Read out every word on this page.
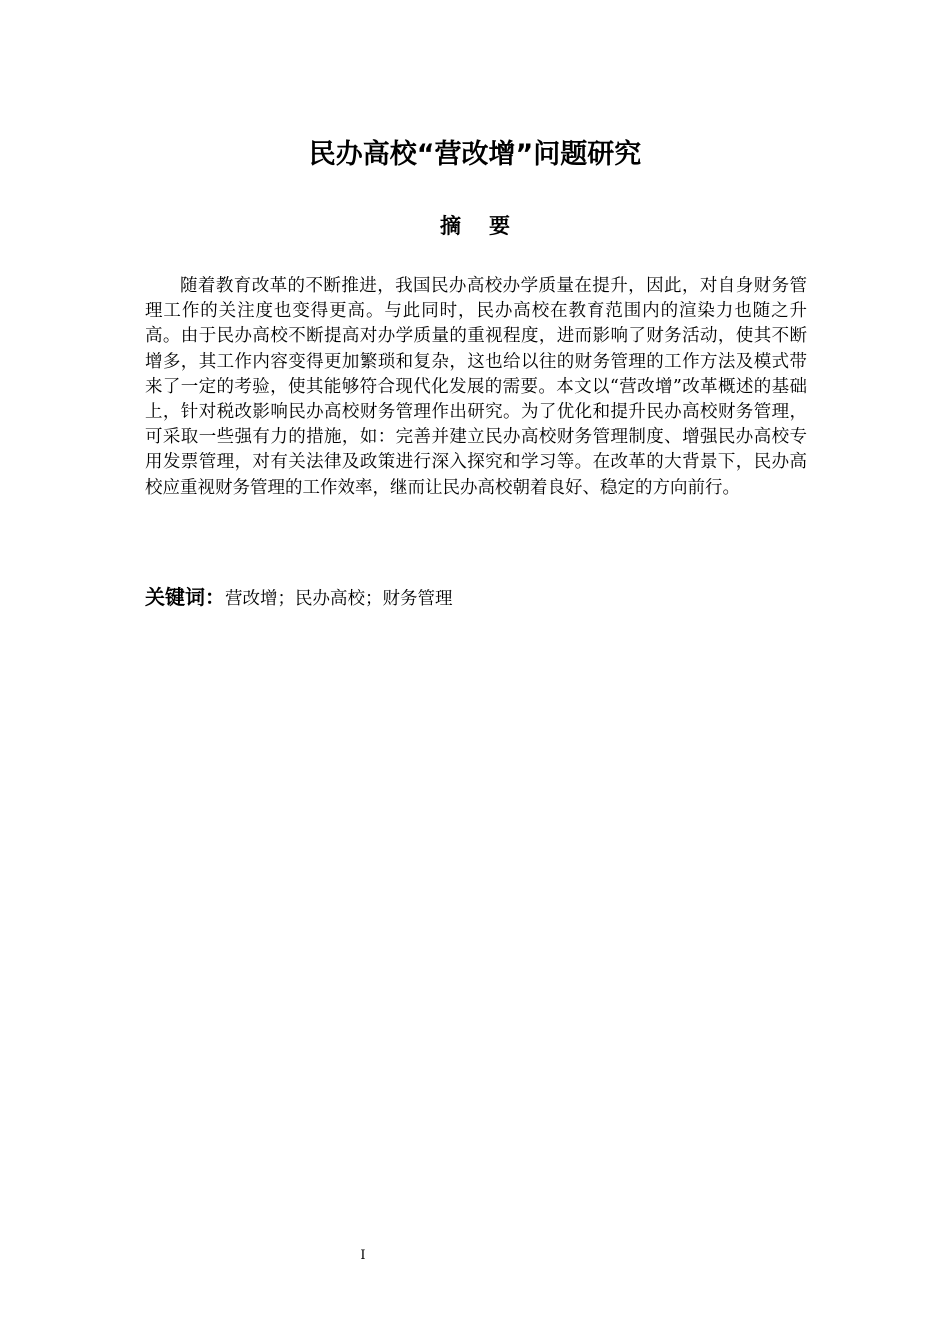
民办高校“营改增”问题研究
摘 要

随着教育改革的不断推进，我国民办高校办学质量在提升，因此，对自身财务管理工作的关注度也变得更高。与此同时，民办高校在教育范围内的渲染力也随之升高。由于民办高校不断提高对办学质量的重视程度，进而影响了财务活动，使其不断增多，其工作内容变得更加繁琐和复杂，这也给以往的财务管理的工作方法及模式带来了一定的考验，使其能够符合现代化发展的需要。本文以“营改增”改革概述的基础上，针对税改影响民办高校财务管理作出研究。为了优化和提升民办高校财务管理，可采取一些强有力的措施，如：完善并建立民办高校财务管理制度、增强民办高校专用发票管理，对有关法律及政策进行深入探究和学习等。在改革的大背景下，民办高校应重视财务管理的工作效率，继而让民办高校朝着良好、稳定的方向前行。

关键词：营改增；民办高校；财务管理
I
